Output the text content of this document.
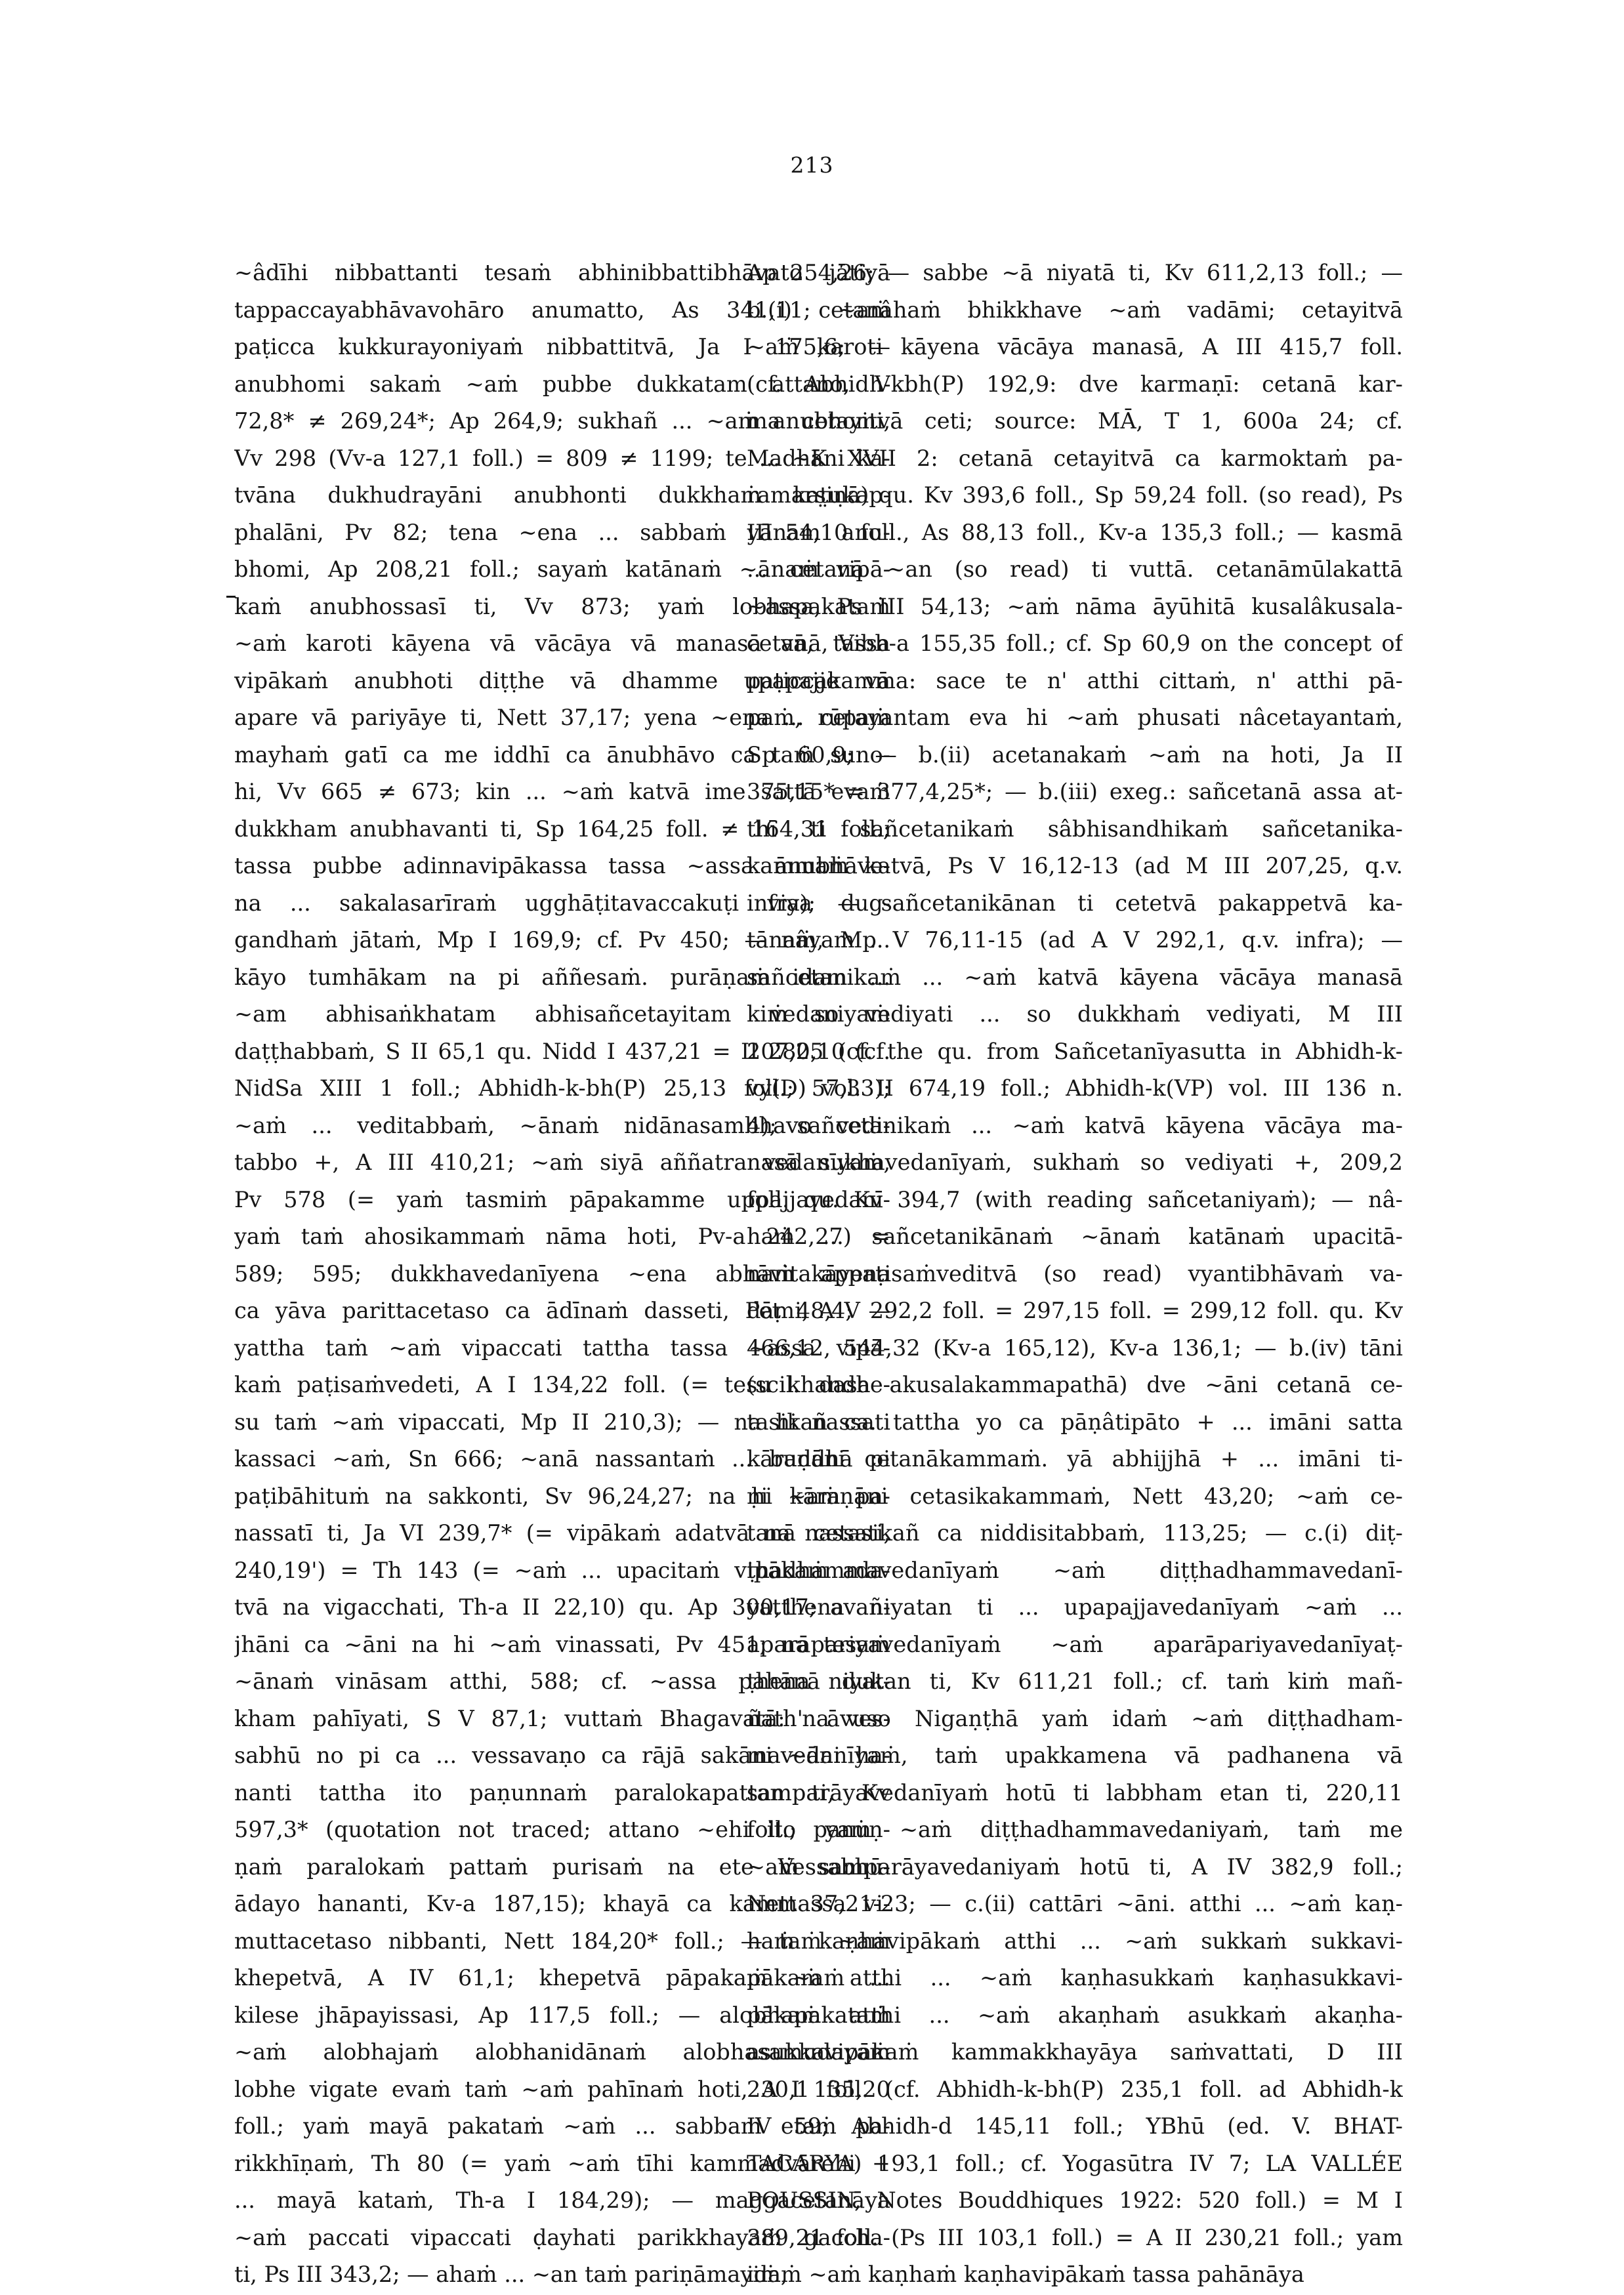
213
~âdīhi nibbattanti tesaṁ abhinibbattibhāvato jātiyā
tappaccayabhāvavohāro anumatto, As 341,11; ~aṁ
paṭicca kukkurayoniyaṁ nibbattitvā, Ja I 175,6; —
anubhomi sakaṁ ~aṁ pubbe dukkatam attano, V
72,8* ≠ 269,24*; Ap 264,9; sukhañ ... ~aṁ anubhomi,
Vv 298 (Vv-a 127,1 foll.) = 809 ≠ 1199; te ... ~āni ka-
tvāna dukhudrayāni anubhonti dukkhaṁ kaṭukap-
phalāni, Pv 82; tena ~ena ... sabbaṁ yānam anu-
bhomi, Ap 208,21 foll.; sayaṁ katānaṁ ~ānaṁ vipā-
kaṁ anubhossasī ti, Vv 873; yaṁ lobhapakataṁ
~aṁ karoti kāyena vā vācāya vā manasā vā, tassa
vipākaṁ anubhoti diṭṭhe vā dhamme upapajje vā
apare vā pariyāye ti, Nett 37,17; yena ~ena ... rūpaṁ
mayhaṁ gatī ca me iddhī ca ānubhāvo ca taṁ suno-
hi, Vv 665 ≠ 673; kin ... ~aṁ katvā ime sattā evaṁ
dukkham anubhavanti ti, Sp 164,25 foll. ≠ 164,31 foll.;
tassa pubbe adinnavipākassa tassa ~assa ānubhāve-
na ... sakalasarīraṁ ugghāṭitavaccakuṭi viya dug-
gandhaṁ jātaṁ, Mp I 169,9; cf. Pv 450; — nâyam ...
kāyo tumhākam na pi aññesaṁ. purāṇaṁ idam ...
~am abhisaṅkhatam abhisañcetayitam vedaniyaṁ
daṭṭhabbaṁ, S II 65,1 qu. Nidd I 437,21 = II 280,10 (cf.
NidSa XIII 1 foll.; Abhidh-k-bh(P) 25,13 foll.; 57,33);
~aṁ ... veditabbaṁ, ~ānaṁ nidānasambhavo vedi-
tabbo +, A III 410,21; ~aṁ siyā aññatra vedanīyaṁ,
Pv 578 (= yaṁ tasmiṁ pāpakamme uppajjavedanī-
yaṁ taṁ ahosikammaṁ nāma hoti, Pv-a 242,27) =
589; 595; dukkhavedanīyena ~ena abhāvitakāyena
ca yāva parittacetaso ca ādīnaṁ dasseti, Peṭ 48,4; —
yattha taṁ ~aṁ vipaccati tattha tassa ~assa vipā-
kaṁ paṭisaṁvedeti, A I 134,22 foll. (= tesu khandhe-
su taṁ ~aṁ vipaccati, Mp II 210,3); — na hi nassati
kassaci ~aṁ, Sn 666; ~anā nassantaṁ ... buddhā pi
paṭibāhituṁ na sakkonti, Sv 96,24,27; na hi ~aṁ pa-
nassatī ti, Ja VI 239,7* (= vipākaṁ adatvā na nassati,
240,19') = Th 143 (= ~aṁ ... upacitaṁ vipākaṁ ada-
tvā na vigacchati, Th-a II 22,10) qu. Ap 300,17; avañ-
jhāni ca ~āni na hi ~aṁ vinassati, Pv 451; na tesaṁ
~ānaṁ vināsam atthi, 588; cf. ~assa pahānā duk-
kham pahīyati, S V 87,1; vuttaṁ Bhagavatā: na ves-
sabhū no pi ca ... vessavaṇo ca rājā sakāni ~āni ha-
nanti tattha ito paṇunnaṁ paralokapattan ti, Kv
597,3* (quotation not traced; attano ~ehi ito panuṇ-
ṇaṁ paralokaṁ pattaṁ purisaṁ na ete Vessabhū-
ādayo hananti, Kv-a 187,15); khayā ca kammassa vi-
muttacetaso nibbanti, Nett 184,20* foll.; — taṁ ~aṁ
khepetvā, A IV 61,1; khepetvā pāpakaṁ ~aṁ ...
kilese jhāpayissasi, Ap 117,5 foll.; — alobhapakataṁ
~aṁ alobhajaṁ alobhanidānaṁ alobhasamudayaṁ
lobhe vigate evaṁ taṁ ~aṁ pahīnaṁ hoti, A I 135,20
foll.; yaṁ mayā pakataṁ ~aṁ ... sabbam etaṁ pa-
rikkhīṇaṁ, Th 80 (= yaṁ ~aṁ tīhi kammadvārehi +
... mayā kataṁ, Th-a I 184,29); — maggacetanāya
~aṁ paccati vipaccati ḍayhati parikkhayaṁ gaccha-
ti, Ps III 343,2; — ahaṁ ... ~an taṁ pariṇāmayiṁ,
Ap 254,26; — sabbe ~ā niyatā ti, Kv 611,2,13 foll.; —
b.(i) cetanâhaṁ bhikkhave ~aṁ vadāmi; cetayitvā
~aṁ karoti kāyena vācāya manasā, A III 415,7 foll.
(cf. Abhidh-kbh(P) 192,9: dve karmaṇī: cetanā kar-
ma cetayitvā ceti; source: MĀ, T 1, 600a 24; cf.
MadhK XVII 2: cetanā cetayitvā ca karmoktaṁ pa-
ramarṣiṇā) qu. Kv 393,6 foll., Sp 59,24 foll. (so read), Ps
III 54,10 foll., As 88,13 foll., Kv-a 135,3 foll.; — kasmā
... cetanā ~an (so read) ti vuttā. cetanāmūlakattā
~assa, Ps III 54,13; ~aṁ nāma āyūhitā kusalâkusala-
cetanā, Vibh-a 155,35 foll.; cf. Sp 60,9 on the concept of
paṭiccakamma: sace te n' atthi cittaṁ, n' atthi pā-
paṁ, cetayantam eva hi ~aṁ phusati nâcetayantaṁ,
Sp 60,9; — b.(ii) acetanakaṁ ~aṁ na hoti, Ja II
375,15* = 377,4,25*; — b.(iii) exeg.: sañcetanā assa at-
thī ti sañcetanikaṁ sâbhisandhikaṁ sañcetanika-
kammaṁ katvā, Ps V 16,12-13 (ad M III 207,25, q.v.
infra); — sañcetanikānan ti cetetvā pakappetvā ka-
tānaṁ, Mp V 76,11-15 (ad A V 292,1, q.v. infra); —
sañcetanikaṁ ... ~aṁ katvā kāyena vācāya manasā
kiṁ so vediyati ... so dukkhaṁ vediyati, M III
207,25 (cf. the qu. from Sañcetanīyasutta in Abhidh-k-
vy(D) vol. II 674,19 foll.; Abhidh-k(VP) vol. III 136 n.
4); sañcetanikaṁ ... ~aṁ katvā kāyena vācāya ma-
nasā sukhavedanīyaṁ, sukhaṁ so vediyati +, 209,2
foll. qu. Kv 394,7 (with reading sañcetaniyaṁ); — nâ-
haṁ ... sañcetanikānaṁ ~ānaṁ katānaṁ upacitā-
naṁ appaṭisaṁveditvā (so read) vyantibhāvaṁ va-
dāmi, A V 292,2 foll. = 297,15 foll. = 299,12 foll. qu. Kv
466,12, 544,32 (Kv-a 165,12), Kv-a 136,1; — b.(iv) tāni
(scil. dasa akusalakammapathā) dve ~āni cetanā ce-
tasikañ ca. tattha yo ca pāṇâtipāto + ... imāni satta
kāraṇāni cetanākammaṁ. yā abhijjhā + ... imāni ti-
ṇi kāraṇāni cetasikakammaṁ, Nett 43,20; ~aṁ ce-
tanā cetasikañ ca niddisitabbaṁ, 113,25; — c.(i) diṭ-
ṭhadhammavedanīyaṁ ~aṁ diṭṭhadhammavedanī-
yatthena niyatan ti ... upapajjavedanīyaṁ ~aṁ ...
aparāpariyavedanīyaṁ ~aṁ aparāpariyavedanīyaṭ-
ṭhena niyatan ti, Kv 611,21 foll.; cf. taṁ kiṁ mañ-
ñath' āvuso Nigaṇṭhā yaṁ idaṁ ~aṁ diṭṭhadham-
mavedanīyaṁ, taṁ upakkamena vā padhanena vā
samparāyavedanīyaṁ hotū ti labbham etan ti, 220,11
foll.; yaṁ ~aṁ diṭṭhadhammavedaniyaṁ, taṁ me
~aṁ samparāyavedaniyaṁ hotū ti, A IV 382,9 foll.;
Nett 37,21-23; — c.(ii) cattāri ~āni. atthi ... ~aṁ kaṇ-
haṁ kaṇhavipākaṁ atthi ... ~aṁ sukkaṁ sukkavi-
pākaṁ atthi ... ~aṁ kaṇhasukkaṁ kaṇhasukkavi-
pākaṁ atthi ... ~aṁ akaṇhaṁ asukkaṁ akaṇha-
asukkavipākaṁ kammakkhayāya saṁvattati, D III
230,1 foll. (cf. Abhidh-k-bh(P) 235,1 foll. ad Abhidh-k
IV 59; Abhidh-d 145,11 foll.; YBhū (ed. V. BHAT-
TACARYA) 193,1 foll.; cf. Yogasūtra IV 7; LA VALLÉE
POUSSIN, Notes Bouddhiques 1922: 520 foll.) = M I
389,21 foll. (Ps III 103,1 foll.) = A II 230,21 foll.; yam
idaṁ ~aṁ kaṇhaṁ kaṇhavipākaṁ tassa pahānāya
